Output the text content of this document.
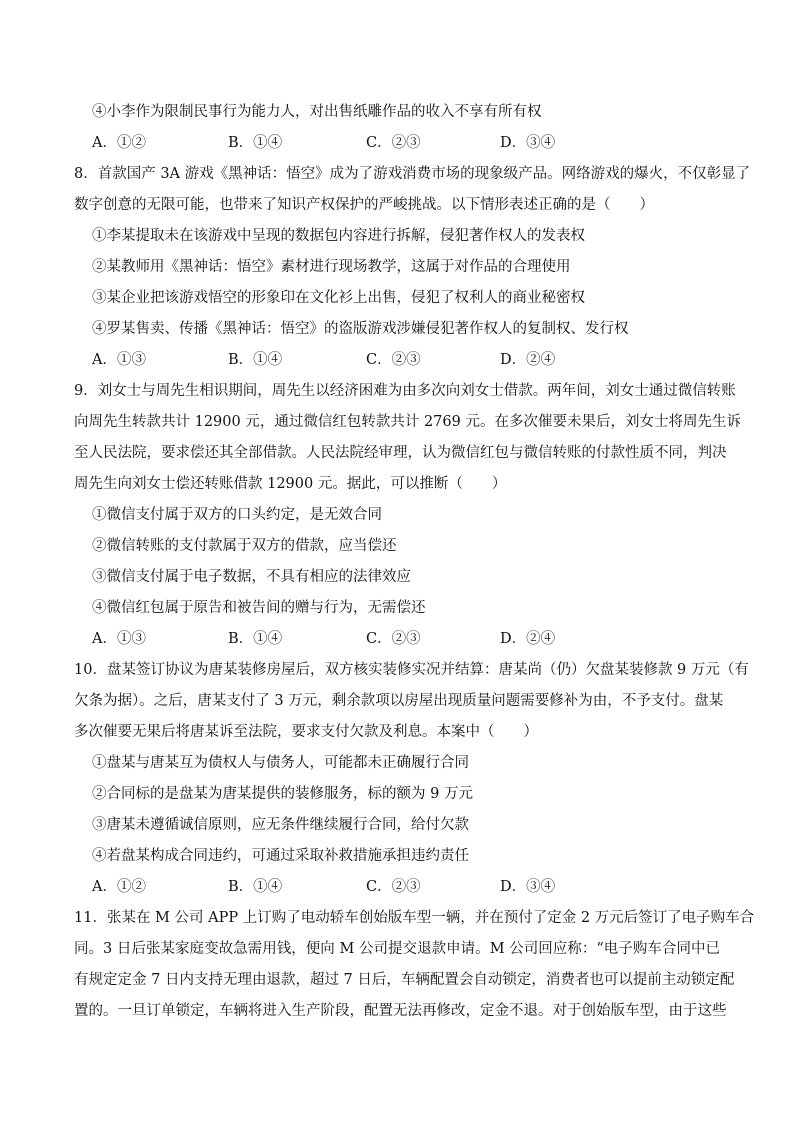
④小李作为限制民事行为能力人，对出售纸雕作品的收入不享有所有权
A．①②	B．①④	C．②③	D．③④
8．首款国产 3A 游戏《黑神话：悟空》成为了游戏消费市场的现象级产品。网络游戏的爆火，不仅彰显了
数字创意的无限可能，也带来了知识产权保护的严峻挑战。以下情形表述正确的是（　　）
①李某提取未在该游戏中呈现的数据包内容进行拆解，侵犯著作权人的发表权
②某教师用《黑神话：悟空》素材进行现场教学，这属于对作品的合理使用
③某企业把该游戏悟空的形象印在文化衫上出售，侵犯了权利人的商业秘密权
④罗某售卖、传播《黑神话：悟空》的盗版游戏涉嫌侵犯著作权人的复制权、发行权
A．①③	B．①④	C．②③	D．②④
9．刘女士与周先生相识期间，周先生以经济困难为由多次向刘女士借款。两年间，刘女士通过微信转账
向周先生转款共计 12900 元，通过微信红包转款共计 2769 元。在多次催要未果后，刘女士将周先生诉
至人民法院，要求偿还其全部借款。人民法院经审理，认为微信红包与微信转账的付款性质不同，判决
周先生向刘女士偿还转账借款 12900 元。据此，可以推断（　　）
①微信支付属于双方的口头约定，是无效合同
②微信转账的支付款属于双方的借款，应当偿还
③微信支付属于电子数据，不具有相应的法律效应
④微信红包属于原告和被告间的赠与行为，无需偿还
A．①③	B．①④	C．②③	D．②④
10．盘某签订协议为唐某装修房屋后，双方核实装修实况并结算：唐某尚（仍）欠盘某装修款 9 万元（有
欠条为据）。之后，唐某支付了 3 万元，剩余款项以房屋出现质量问题需要修补为由，不予支付。盘某
多次催要无果后将唐某诉至法院，要求支付欠款及利息。本案中（　　）
①盘某与唐某互为债权人与债务人，可能都未正确履行合同
②合同标的是盘某为唐某提供的装修服务，标的额为 9 万元
③唐某未遵循诚信原则，应无条件继续履行合同，给付欠款
④若盘某构成合同违约，可通过采取补救措施承担违约责任
A．①②	B．①④	C．②③	D．③④
11．张某在 M 公司 APP 上订购了电动轿车创始版车型一辆，并在预付了定金 2 万元后签订了电子购车合
同。3 日后张某家庭变故急需用钱，便向 M 公司提交退款申请。M 公司回应称：“电子购车合同中已
有规定定金 7 日内支持无理由退款，超过 7 日后，车辆配置会自动锁定，消费者也可以提前主动锁定配
置的。一旦订单锁定，车辆将进入生产阶段，配置无法再修改，定金不退。对于创始版车型，由于这些
